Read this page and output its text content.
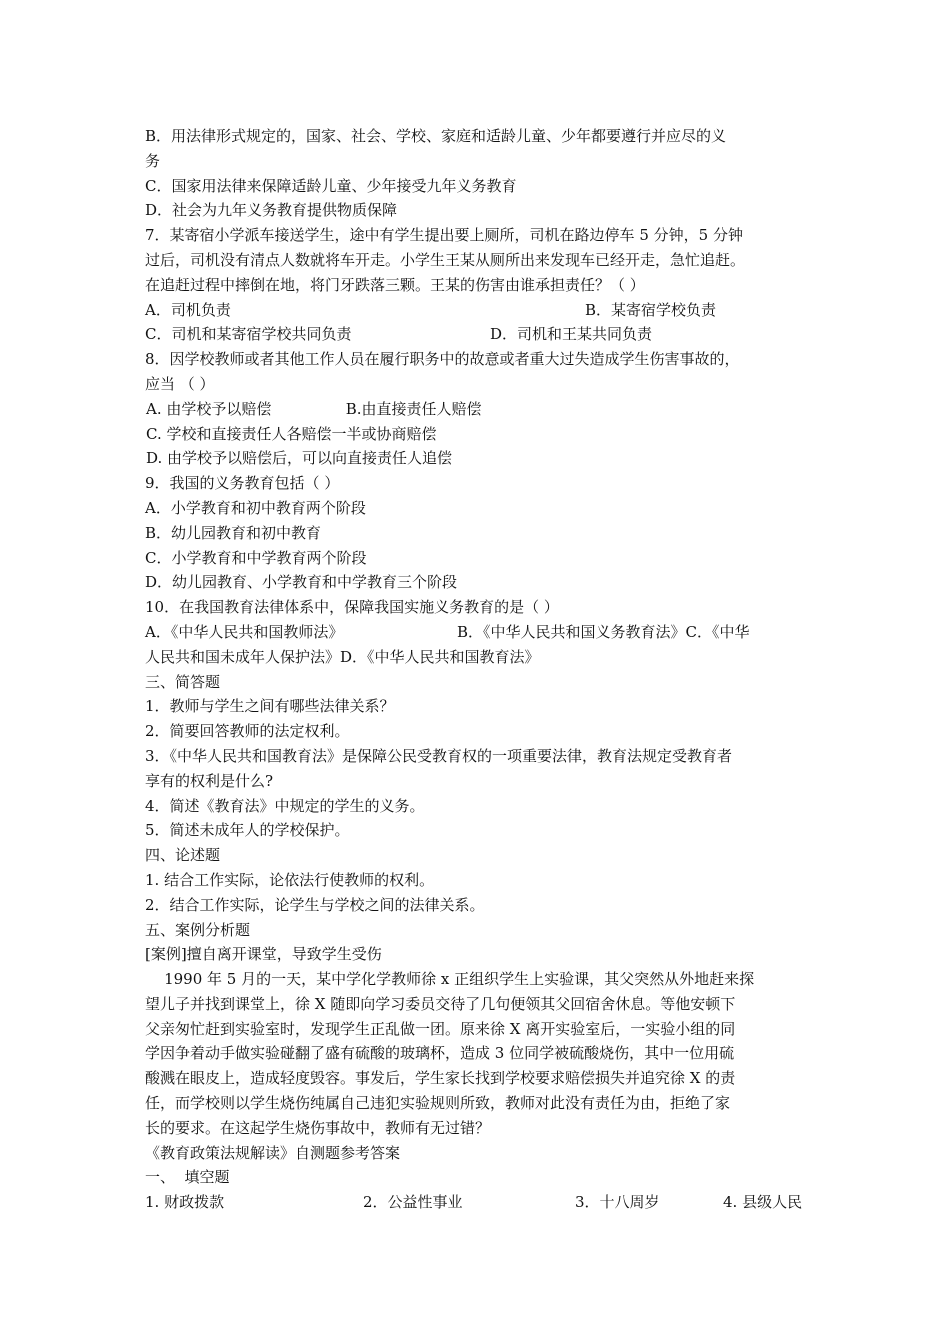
B．用法律形式规定的，国家、社会、学校、家庭和适龄儿童、少年都要遵行并应尽的义
务
C．国家用法律来保障适龄儿童、少年接受九年义务教育
D．社会为九年义务教育提供物质保障
7．某寄宿小学派车接送学生，途中有学生提出要上厕所，司机在路边停车 5 分钟，5 分钟
过后，司机没有清点人数就将车开走。小学生王某从厕所出来发现车已经开走，急忙追赶。
在追赶过程中摔倒在地，将门牙跌落三颗。王某的伤害由谁承担责任？（ ）
A．司机负责	B．某寄宿学校负责
C．司机和某寄宿学校共同负责	D．司机和王某共同负责
8．因学校教师或者其他工作人员在履行职务中的故意或者重大过失造成学生伤害事故的，
应当 （ ）
A. 由学校予以赔偿	B.由直接责任人赔偿
C. 学校和直接责任人各赔偿一半或协商赔偿
D. 由学校予以赔偿后，可以向直接责任人追偿
9．我国的义务教育包括（ ）
A．小学教育和初中教育两个阶段
B．幼儿园教育和初中教育
C．小学教育和中学教育两个阶段
D．幼儿园教育、小学教育和中学教育三个阶段
10．在我国教育法律体系中，保障我国实施义务教育的是（ ）
A．《中华人民共和国教师法》	B．《中华人民共和国义务教育法》C．《中华
人民共和国未成年人保护法》D．《中华人民共和国教育法》
三、简答题
1．教师与学生之间有哪些法律关系？
2．简要回答教师的法定权利。
3．《中华人民共和国教育法》是保障公民受教育权的一项重要法律，教育法规定受教育者
享有的权利是什么?
4．简述《教育法》中规定的学生的义务。
5．简述未成年人的学校保护。
四、论述题
1. 结合工作实际，论依法行使教师的权利。
2．结合工作实际，论学生与学校之间的法律关系。
五、案例分析题
[案例]擅自离开课堂，导致学生受伤
1990 年 5 月的一天，某中学化学教师徐 x 正组织学生上实验课，其父突然从外地赶来探
望儿子并找到课堂上，徐 X 随即向学习委员交待了几句便领其父回宿舍休息。等他安顿下
父亲匆忙赶到实验室时，发现学生正乱做一团。原来徐 X 离开实验室后，一实验小组的同
学因争着动手做实验碰翻了盛有硫酸的玻璃杯，造成 3 位同学被硫酸烧伤，其中一位用硫
酸溅在眼皮上，造成轻度毁容。事发后，学生家长找到学校要求赔偿损失并追究徐 X 的责
任，而学校则以学生烧伤纯属自己违犯实验规则所致，教师对此没有责任为由，拒绝了家
长的要求。在这起学生烧伤事故中，教师有无过错？
《教育政策法规解读》自测题参考答案
一、  填空题
1. 财政拨款	2．公益性事业	3．十八周岁	4. 县级人民
